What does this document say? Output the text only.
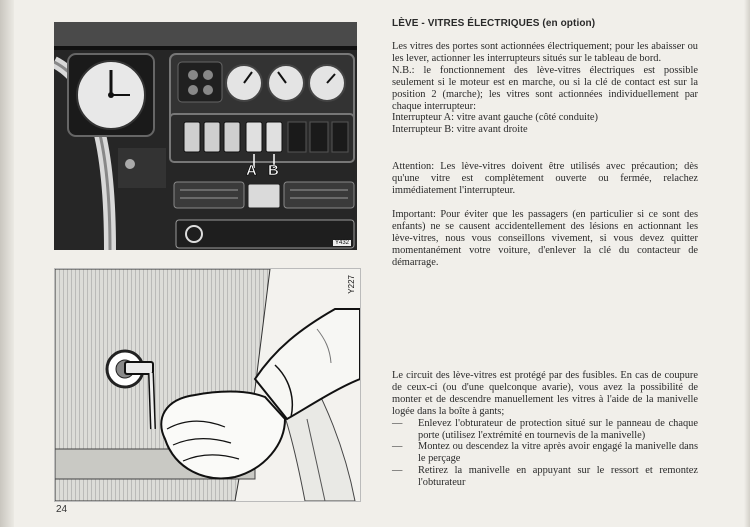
A B
Y432
Y227
LÈVE - VITRES ÉLECTRIQUES (en option)

Les vitres des portes sont actionnées électriquement; pour les abaisser ou les lever, actionner les interrupteurs situés sur le tableau de bord.

N.B.: le fonctionnement des lève-vitres électriques est possible seulement si le moteur est en marche, ou si la clé de contact est sur la position 2 (marche); les vitres sont actionnées individuellement par chaque interrupteur:

Interrupteur A: vitre avant gauche (côté conduite)

Interrupteur B: vitre avant droite

Attention: Les lève-vitres doivent être utilisés avec précaution; dès qu'une vitre est complètement ouverte ou fermée, relachez immédiatement l'interrupteur.

Important: Pour éviter que les passagers (en particulier si ce sont des enfants) ne se causent accidentellement des lésions en actionnant les lève-vitres, nous vous conseillons vivement, si vous devez quitter momentanément votre voiture, d'enlever la clé du contacteur de démarrage.

Le circuit des lève-vitres est protégé par des fusibles. En cas de coupure de ceux-ci (ou d'une quelconque avarie), vous avez la possibilité de monter et de descendre manuellement les vitres à l'aide de la manivelle logée dans la boîte à gants;

— Enlevez l'obturateur de protection situé sur le panneau de chaque porte (utilisez l'extrémité en tournevis de la manivelle)
— Montez ou descendez la vitre après avoir engagé la manivelle dans le perçage
— Retirez la manivelle en appuyant sur le ressort et remontez l'obturateur
24
